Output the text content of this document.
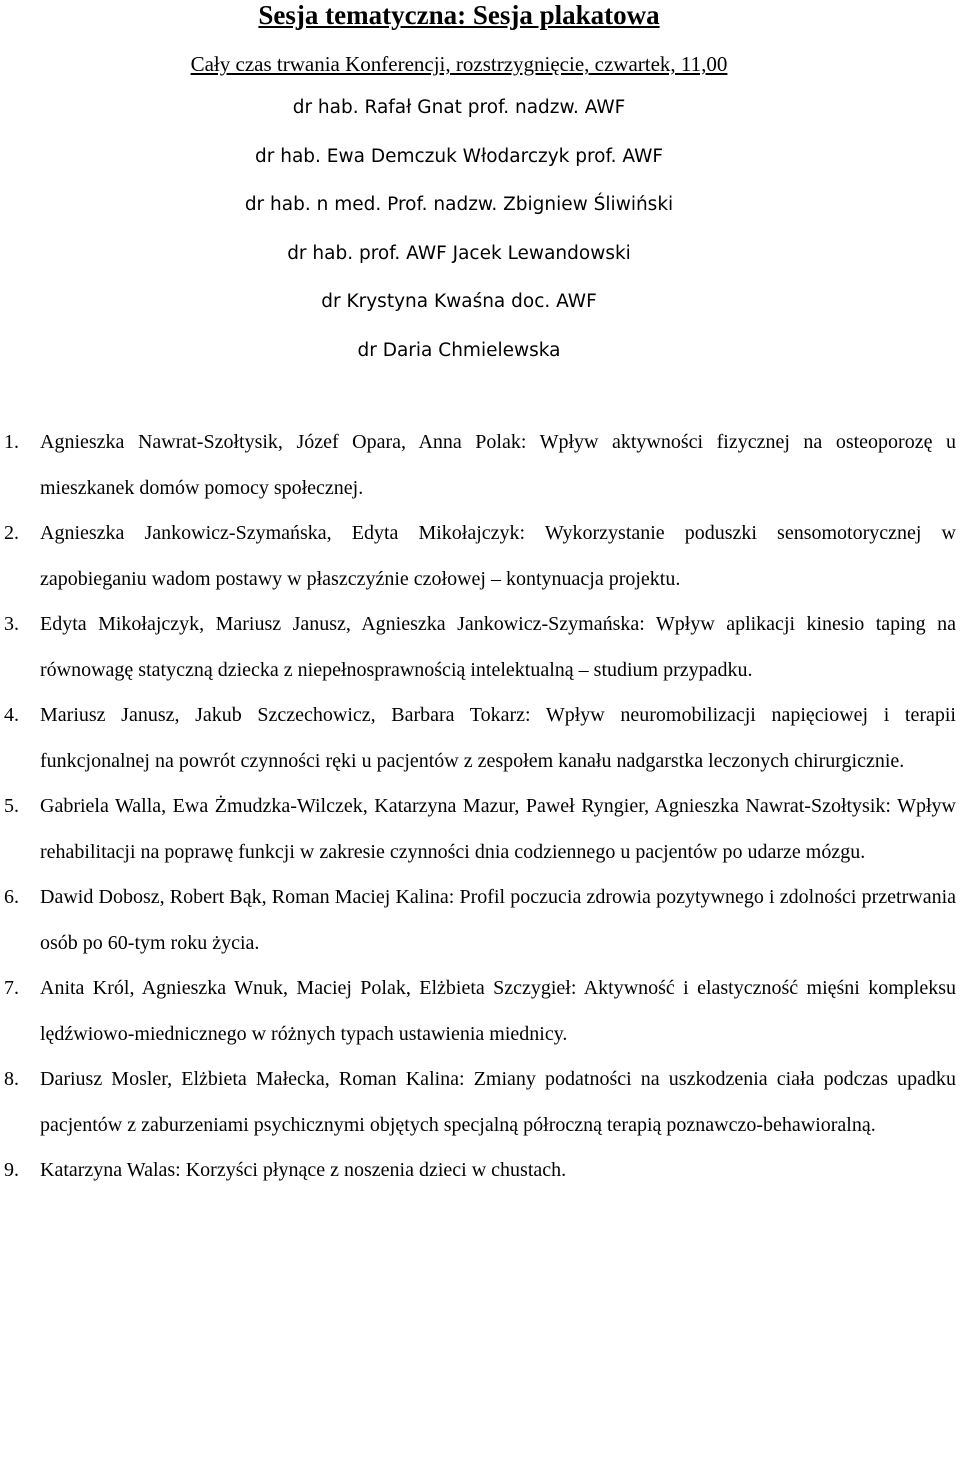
Sesja tematyczna: Sesja plakatowa
Cały czas trwania Konferencji, rozstrzygnięcie, czwartek, 11,00
dr hab. Rafał Gnat prof. nadzw. AWF
dr hab. Ewa Demczuk Włodarczyk prof. AWF
dr hab. n med. Prof. nadzw. Zbigniew Śliwiński
dr hab. prof. AWF Jacek Lewandowski
dr Krystyna Kwaśna doc. AWF
dr Daria Chmielewska
1. Agnieszka Nawrat-Szołtysik, Józef Opara, Anna Polak: Wpływ aktywności fizycznej na osteoporozę u mieszkanek domów pomocy społecznej.
2. Agnieszka Jankowicz-Szymańska, Edyta Mikołajczyk: Wykorzystanie poduszki sensomotorycznej w zapobieganiu wadom postawy w płaszczyźnie czołowej – kontynuacja projektu.
3. Edyta Mikołajczyk, Mariusz Janusz, Agnieszka Jankowicz-Szymańska: Wpływ aplikacji kinesio taping na równowagę statyczną dziecka z niepełnosprawnością intelektualną – studium przypadku.
4. Mariusz Janusz, Jakub Szczechowicz, Barbara Tokarz: Wpływ neuromobilizacji napięciowej i terapii funkcjonalnej na powrót czynności ręki u pacjentów z zespołem kanału nadgarstka leczonych chirurgicznie.
5. Gabriela Walla, Ewa Żmudzka-Wilczek, Katarzyna Mazur, Paweł Ryngier, Agnieszka Nawrat-Szołtysik: Wpływ rehabilitacji na poprawę funkcji w zakresie czynności dnia codziennego u pacjentów po udarze mózgu.
6. Dawid Dobosz, Robert Bąk, Roman Maciej Kalina: Profil poczucia zdrowia pozytywnego i zdolności przetrwania osób po 60-tym roku życia.
7. Anita Król, Agnieszka Wnuk, Maciej Polak, Elżbieta Szczygieł: Aktywność i elastyczność mięśni kompleksu lędźwiowo-miednicznego w różnych typach ustawienia miednicy.
8. Dariusz Mosler, Elżbieta Małecka, Roman Kalina: Zmiany podatności na uszkodzenia ciała podczas upadku pacjentów z zaburzeniami psychicznymi objętych specjalną półroczną terapią poznawczo-behawioralną.
9. Katarzyna Walas: Korzyści płynące z noszenia dzieci w chustach.
